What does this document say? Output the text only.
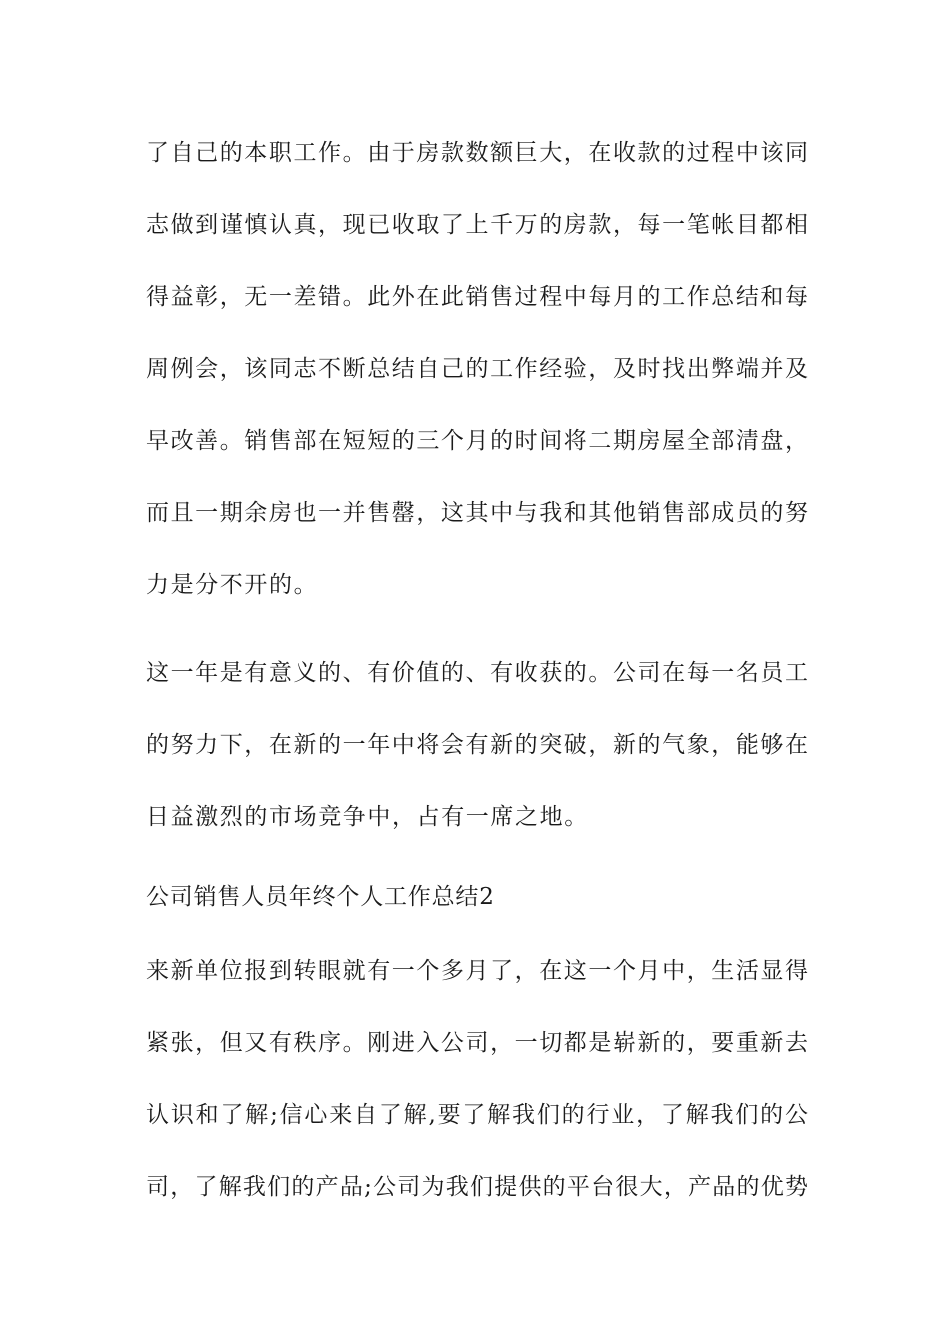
了自己的本职工作。由于房款数额巨大，在收款的过程中该同
志做到谨慎认真，现已收取了上千万的房款，每一笔帐目都相
得益彰，无一差错。此外在此销售过程中每月的工作总结和每
周例会，该同志不断总结自己的工作经验，及时找出弊端并及
早改善。销售部在短短的三个月的时间将二期房屋全部清盘，
而且一期余房也一并售罄，这其中与我和其他销售部成员的努
力是分不开的。
这一年是有意义的、有价值的、有收获的。公司在每一名员工
的努力下，在新的一年中将会有新的突破，新的气象，能够在
日益激烈的市场竞争中，占有一席之地。
公司销售人员年终个人工作总结2
来新单位报到转眼就有一个多月了，在这一个月中，生活显得
紧张，但又有秩序。刚进入公司，一切都是崭新的，要重新去
认识和了解;信心来自了解,要了解我们的行业，了解我们的公
司，了解我们的产品;公司为我们提供的平台很大，产品的优势
